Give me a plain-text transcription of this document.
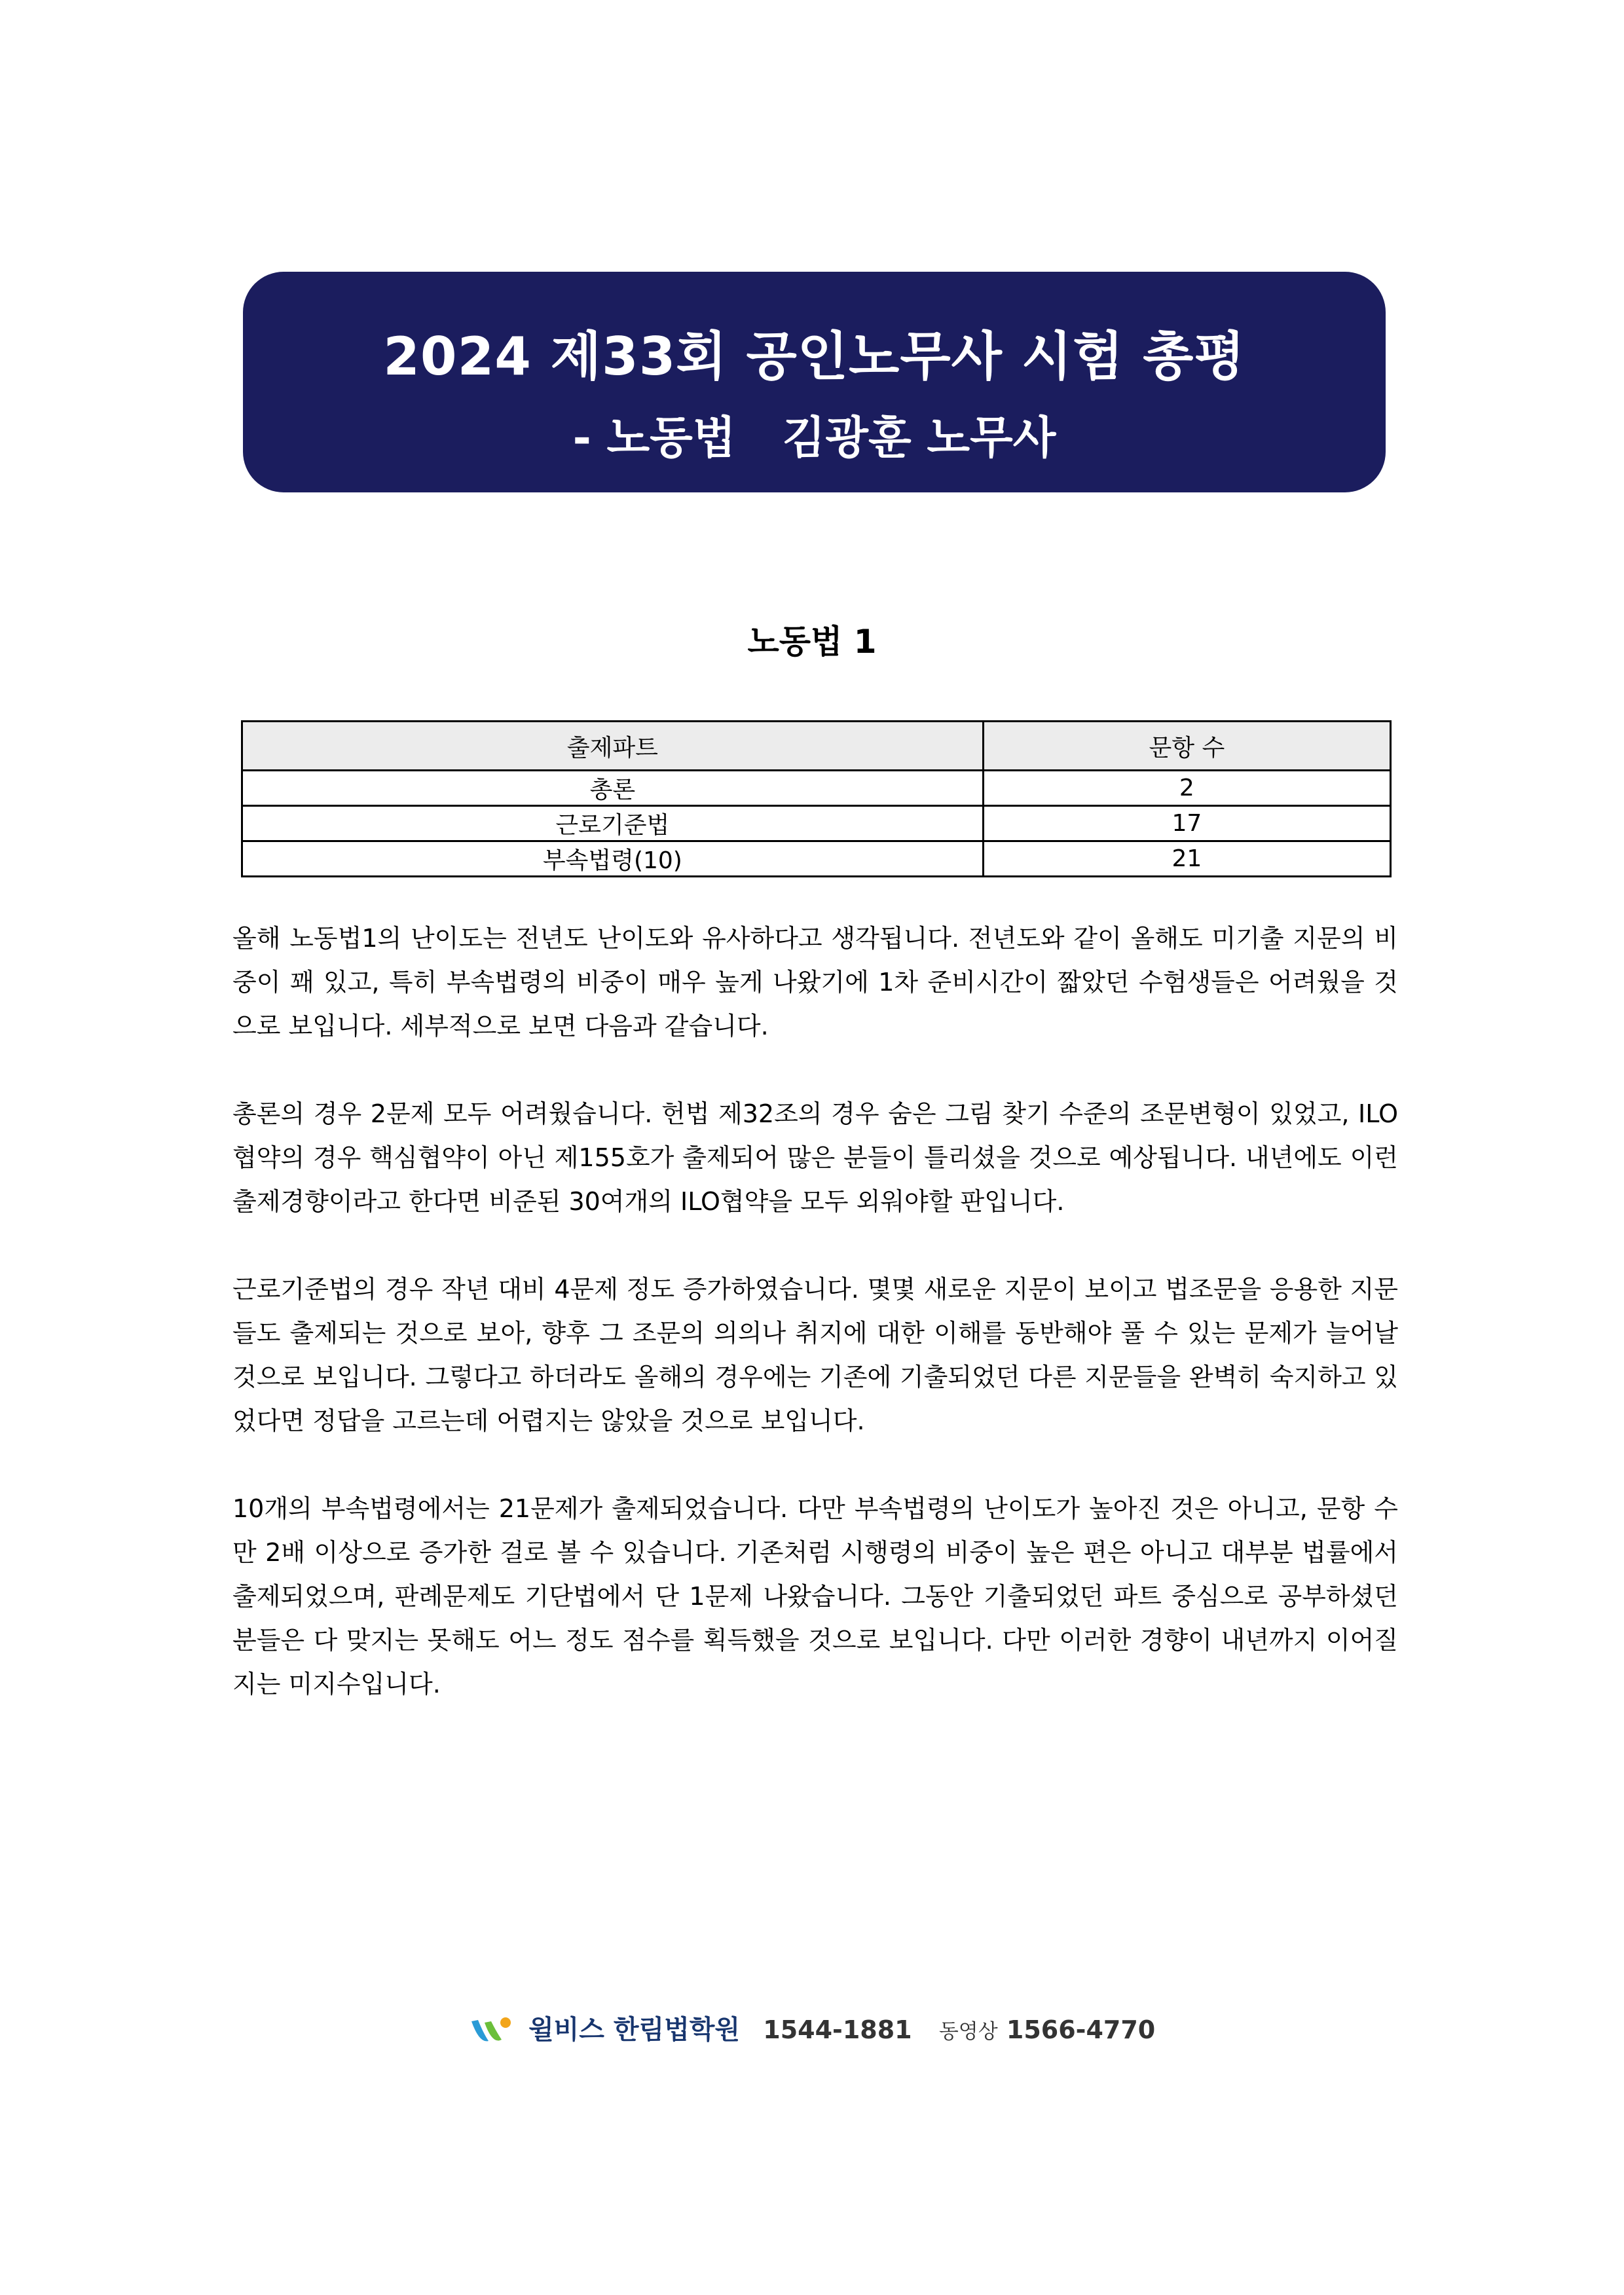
2024 제33회 공인노무사 시험 총평
- 노동법   김광훈 노무사
노동법 1
출제파트	문항 수
총론	2
근로기준법	17
부속법령(10)	21

올해 노동법1의 난이도는 전년도 난이도와 유사하다고 생각됩니다. 전년도와 같이 올해도 미기출 지문의 비중이 꽤 있고, 특히 부속법령의 비중이 매우 높게 나왔기에 1차 준비시간이 짧았던 수험생들은 어려웠을 것으로 보입니다. 세부적으로 보면 다음과 같습니다.

총론의 경우 2문제 모두 어려웠습니다. 헌법 제32조의 경우 숨은 그림 찾기 수준의 조문변형이 있었고, ILO협약의 경우 핵심협약이 아닌 제155호가 출제되어 많은 분들이 틀리셨을 것으로 예상됩니다. 내년에도 이런 출제경향이라고 한다면 비준된 30여개의 ILO협약을 모두 외워야할 판입니다.

근로기준법의 경우 작년 대비 4문제 정도 증가하였습니다. 몇몇 새로운 지문이 보이고 법조문을 응용한 지문들도 출제되는 것으로 보아, 향후 그 조문의 의의나 취지에 대한 이해를 동반해야 풀 수 있는 문제가 늘어날 것으로 보입니다. 그렇다고 하더라도 올해의 경우에는 기존에 기출되었던 다른 지문들을 완벽히 숙지하고 있었다면 정답을 고르는데 어렵지는 않았을 것으로 보입니다.

10개의 부속법령에서는 21문제가 출제되었습니다. 다만 부속법령의 난이도가 높아진 것은 아니고, 문항 수만 2배 이상으로 증가한 걸로 볼 수 있습니다. 기존처럼 시행령의 비중이 높은 편은 아니고 대부분 법률에서 출제되었으며, 판례문제도 기단법에서 단 1문제 나왔습니다. 그동안 기출되었던 파트 중심으로 공부하셨던 분들은 다 맞지는 못해도 어느 정도 점수를 획득했을 것으로 보입니다. 다만 이러한 경향이 내년까지 이어질지는 미지수입니다.

윌비스 한림법학원 1544-1881 동영상 1566-4770
